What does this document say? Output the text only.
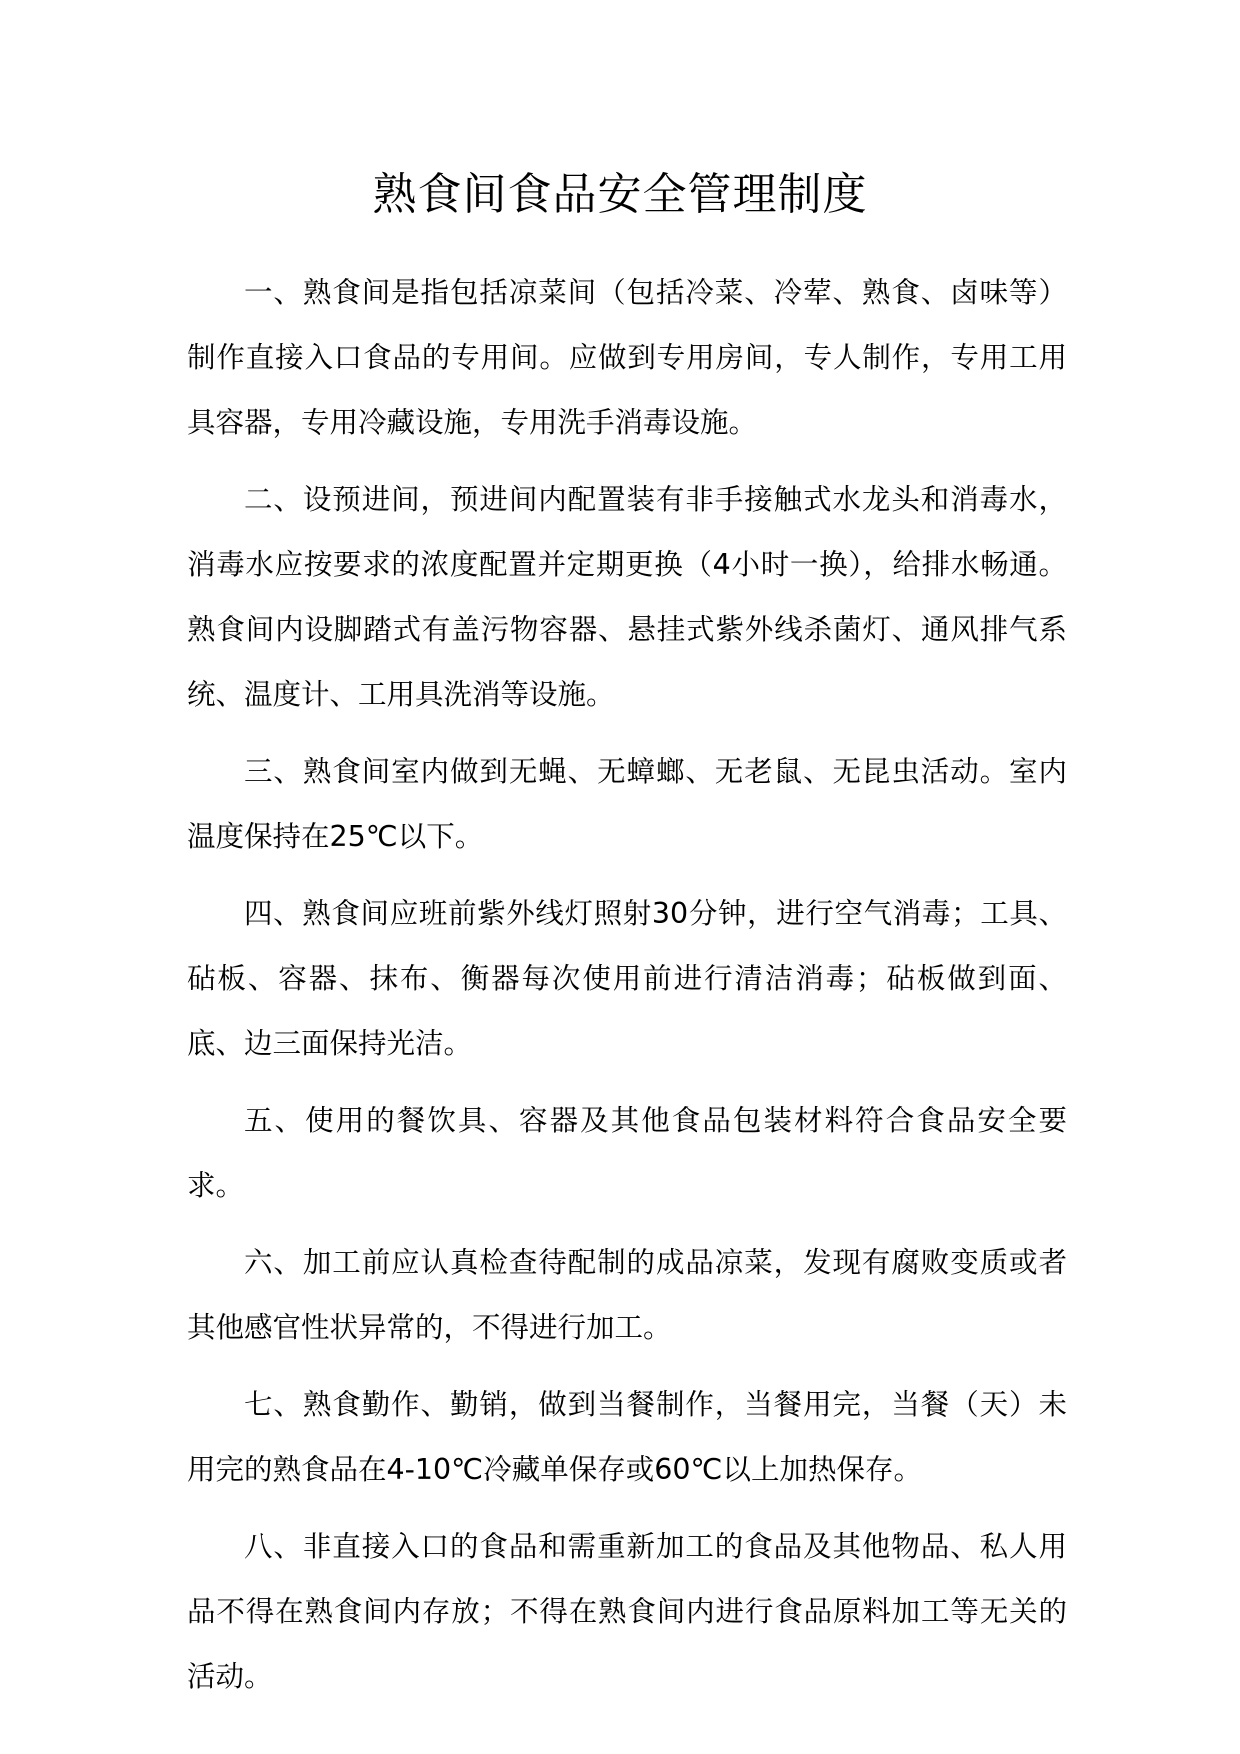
熟食间食品安全管理制度

一、熟食间是指包括凉菜间（包括冷菜、冷荤、熟食、卤味等）制作直接入口食品的专用间。应做到专用房间，专人制作，专用工用具容器，专用冷藏设施，专用洗手消毒设施。

二、设预进间，预进间内配置装有非手接触式水龙头和消毒水，消毒水应按要求的浓度配置并定期更换（4小时一换），给排水畅通。熟食间内设脚踏式有盖污物容器、悬挂式紫外线杀菌灯、通风排气系统、温度计、工用具洗消等设施。

三、熟食间室内做到无蝇、无蟑螂、无老鼠、无昆虫活动。室内温度保持在25℃以下。

四、熟食间应班前紫外线灯照射30分钟，进行空气消毒；工具、砧板、容器、抹布、衡器每次使用前进行清洁消毒；砧板做到面、底、边三面保持光洁。

五、使用的餐饮具、容器及其他食品包装材料符合食品安全要求。

六、加工前应认真检查待配制的成品凉菜，发现有腐败变质或者其他感官性状异常的，不得进行加工。

七、熟食勤作、勤销，做到当餐制作，当餐用完，当餐（天）未用完的熟食品在4-10℃冷藏单保存或60℃以上加热保存。

八、非直接入口的食品和需重新加工的食品及其他物品、私人用品不得在熟食间内存放；不得在熟食间内进行食品原料加工等无关的活动。
